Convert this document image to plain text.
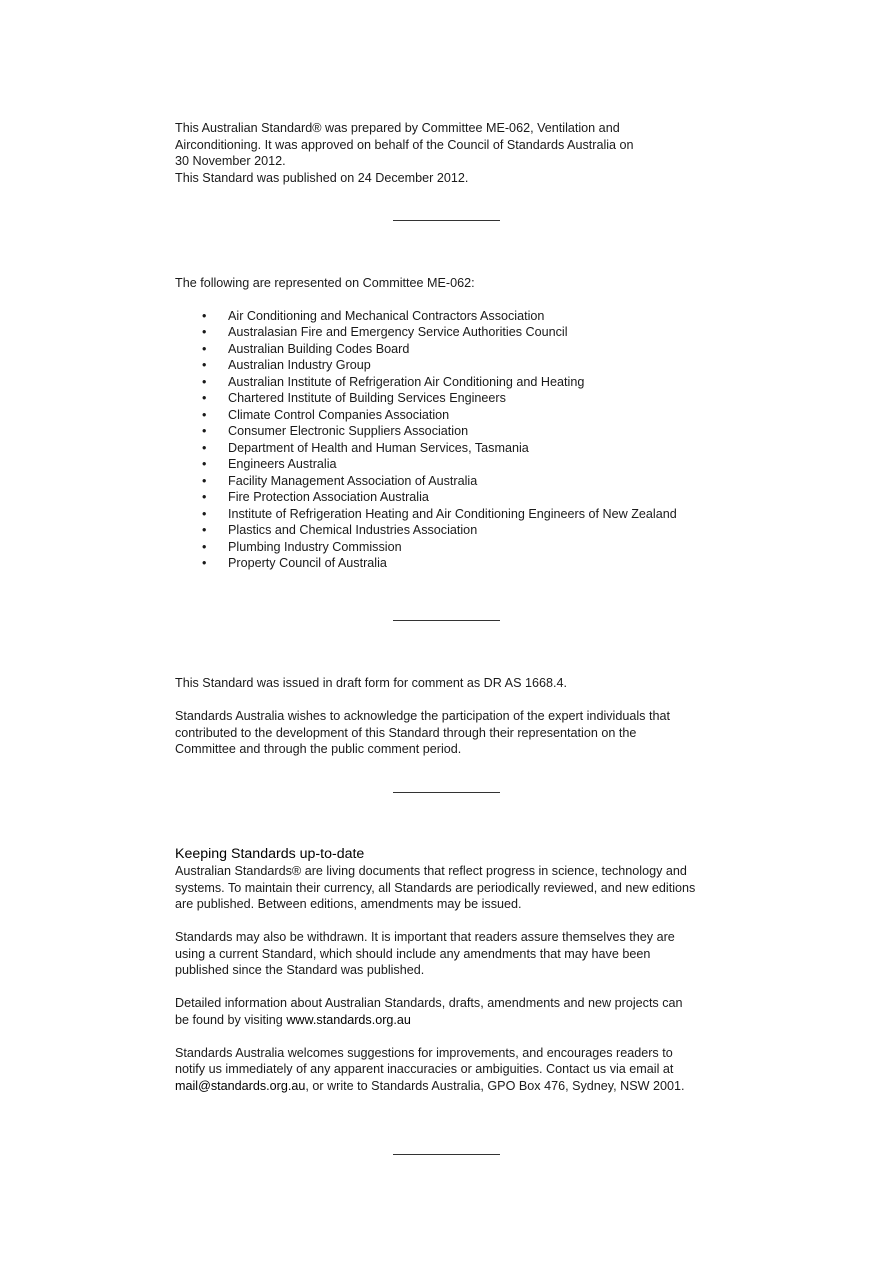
This Australian Standard® was prepared by Committee ME-062, Ventilation and

Airconditioning. It was approved on behalf of the Council of Standards Australia on

30 November 2012.

This Standard was published on 24 December 2012.

The following are represented on Committee ME-062:

• Air Conditioning and Mechanical Contractors Association
• Australasian Fire and Emergency Service Authorities Council
• Australian Building Codes Board
• Australian Industry Group
• Australian Institute of Refrigeration Air Conditioning and Heating
• Chartered Institute of Building Services Engineers
• Climate Control Companies Association
• Consumer Electronic Suppliers Association
• Department of Health and Human Services, Tasmania
• Engineers Australia
• Facility Management Association of Australia
• Fire Protection Association Australia
• Institute of Refrigeration Heating and Air Conditioning Engineers of New Zealand
• Plastics and Chemical Industries Association
• Plumbing Industry Commission
• Property Council of Australia

This Standard was issued in draft form for comment as DR AS 1668.4.

Standards Australia wishes to acknowledge the participation of the expert individuals that

contributed to the development of this Standard through their representation on the

Committee and through the public comment period.

Keeping Standards up-to-date

Australian Standards® are living documents that reflect progress in science, technology and

systems. To maintain their currency, all Standards are periodically reviewed, and new editions

are published. Between editions, amendments may be issued.

Standards may also be withdrawn. It is important that readers assure themselves they are

using a current Standard, which should include any amendments that may have been

published since the Standard was published.

Detailed information about Australian Standards, drafts, amendments and new projects can

be found by visiting www.standards.org.au

Standards Australia welcomes suggestions for improvements, and encourages readers to

notify us immediately of any apparent inaccuracies or ambiguities. Contact us via email at

mail@standards.org.au, or write to Standards Australia, GPO Box 476, Sydney, NSW 2001.
